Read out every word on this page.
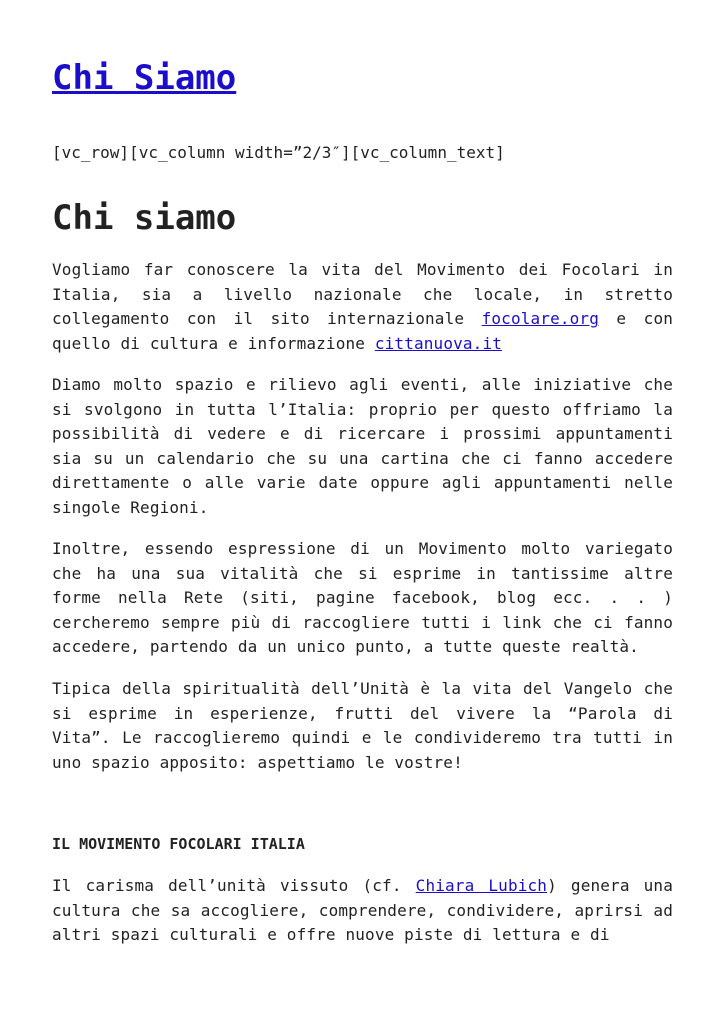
Chi Siamo

[vc_row][vc_column width=”2/3″][vc_column_text]

Chi siamo

Vogliamo far conoscere la vita del Movimento dei Focolari in Italia, sia a livello nazionale che locale, in stretto collegamento con il sito internazionale focolare.org e con quello di cultura e informazione cittanuova.it

Diamo molto spazio e rilievo agli eventi, alle iniziative che si svolgono in tutta l’Italia: proprio per questo offriamo la possibilità di vedere e di ricercare i prossimi appuntamenti sia su un calendario che su una cartina che ci fanno accedere direttamente o alle varie date oppure agli appuntamenti nelle singole Regioni.

Inoltre, essendo espressione di un Movimento molto variegato che ha una sua vitalità che si esprime in tantissime altre forme nella Rete (siti, pagine facebook, blog ecc. . . ) cercheremo sempre più di raccogliere tutti i link che ci fanno accedere, partendo da un unico punto, a tutte queste realtà.

Tipica della spiritualità dell’Unità è la vita del Vangelo che si esprime in esperienze, frutti del vivere la “Parola di Vita”. Le raccoglieremo quindi e le condivideremo tra tutti in uno spazio apposito: aspettiamo le vostre!

IL MOVIMENTO FOCOLARI ITALIA

Il carisma dell’unità vissuto (cf. Chiara Lubich) genera una cultura che sa accogliere, comprendere, condividere, aprirsi ad altri spazi culturali e offre nuove piste di lettura e di
